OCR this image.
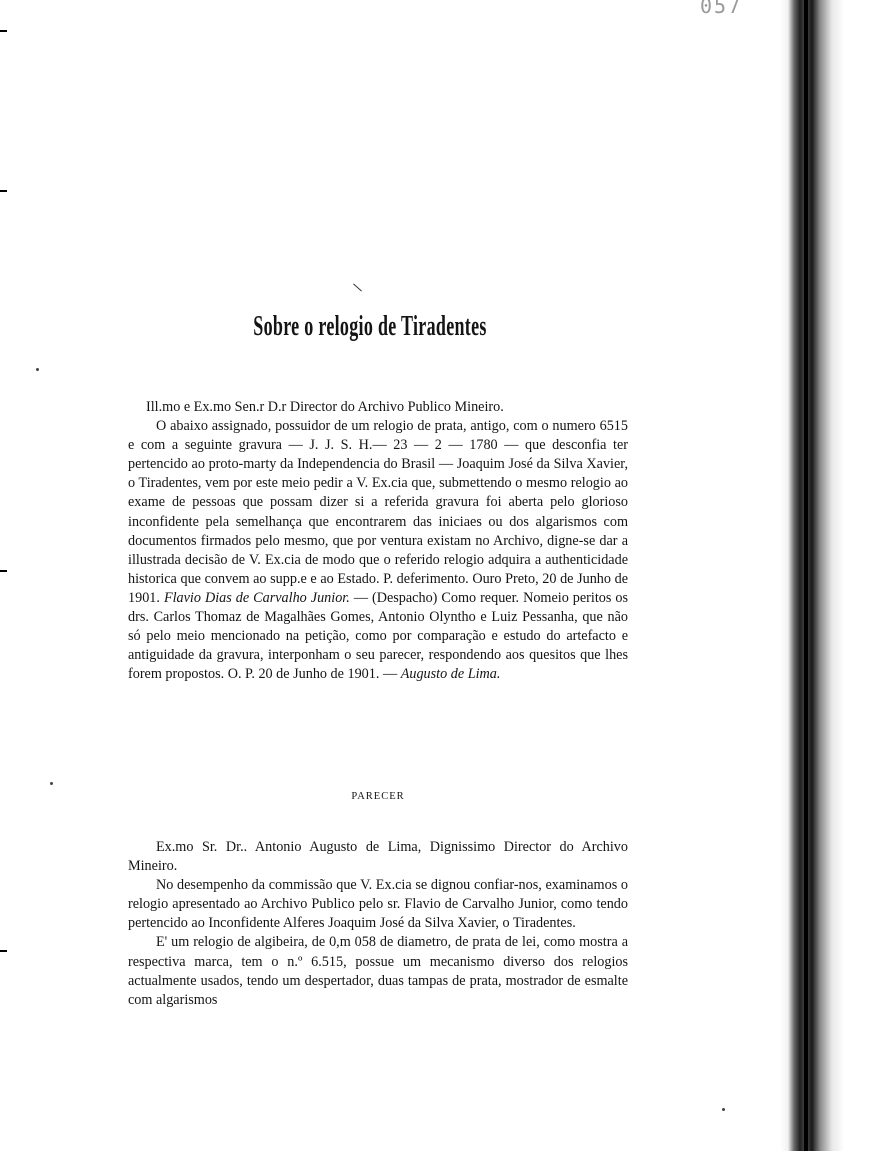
057
Sobre o relogio de Tiradentes

Ill.mo e Ex.mo Sen.r D.r Director do Archivo Publico Mineiro.

O abaixo assignado, possuidor de um relogio de prata, antigo, com o numero 6515 e com a seguinte gravura — J. J. S. H.— 23 — 2 — 1780 — que desconfia ter pertencido ao proto-marty da Independencia do Brasil — Joaquim José da Silva Xavier, o Tiradentes, vem por este meio pedir a V. Ex.cia que, submettendo o mesmo relogio ao exame de pessoas que possam dizer si a referida gravura foi aberta pelo glorioso inconfidente pela semelhança que encontrarem das iniciaes ou dos algarismos com documentos firmados pelo mesmo, que por ventura existam no Archivo, digne-se dar a illustrada decisão de V. Ex.cia de modo que o referido relogio adquira a authenticidade historica que convem ao supp.e e ao Estado. P. deferimento. Ouro Preto, 20 de Junho de 1901. Flavio Dias de Carvalho Junior. — (Despacho) Como requer. Nomeio peritos os drs. Carlos Thomaz de Magalhães Gomes, Antonio Olyntho e Luiz Pessanha, que não só pelo meio mencionado na petição, como por comparação e estudo do artefacto e antiguidade da gravura, interponham o seu parecer, respondendo aos quesitos que lhes forem propostos. O. P. 20 de Junho de 1901. — Augusto de Lima.

PARECER

Ex.mo Sr. Dr.. Antonio Augusto de Lima, Dignissimo Director do Archivo Mineiro.

No desempenho da commissão que V. Ex.cia se dignou confiar-nos, examinamos o relogio apresentado ao Archivo Publico pelo sr. Flavio de Carvalho Junior, como tendo pertencido ao Inconfidente Alferes Joaquim José da Silva Xavier, o Tiradentes.

E' um relogio de algibeira, de 0,m 058 de diametro, de prata de lei, como mostra a respectiva marca, tem o n.º 6.515, possue um mecanismo diverso dos relogios actualmente usados, tendo um despertador, duas tampas de prata, mostrador de esmalte com algarismos
